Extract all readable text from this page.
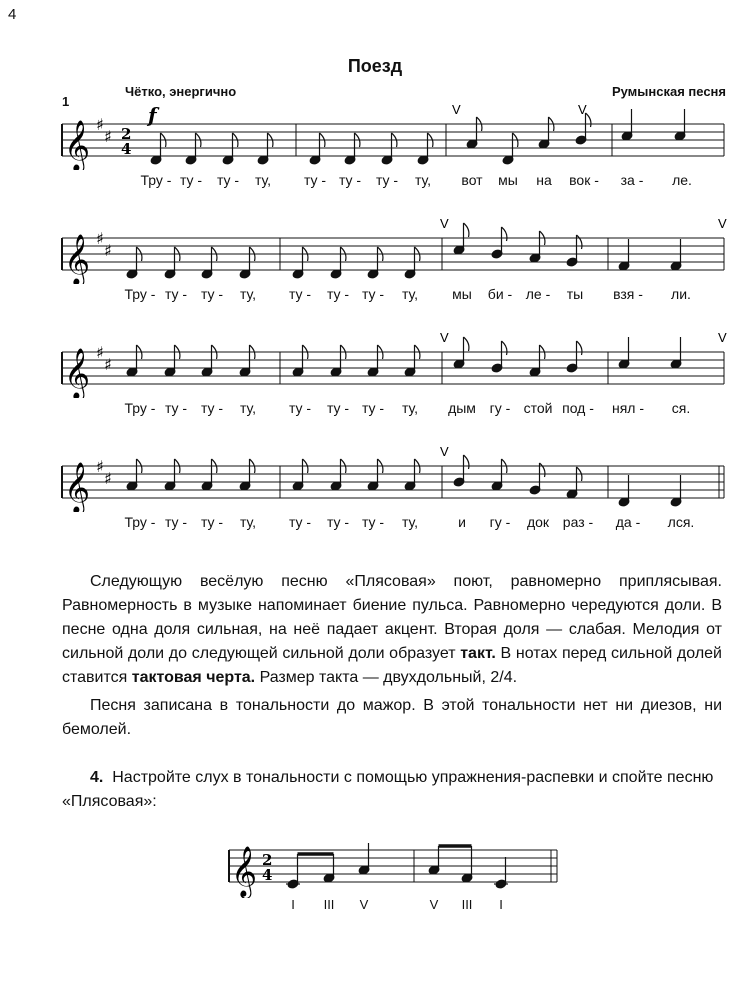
4
Поезд
Чётко, энергично	Румынская песня
1
f	V	V
𝄞 ♯
♯ 2
4
Тру - ту - ту - ту, ту - ту - ту - ту, вот мы на вок - за - ле.
V	V
𝄞 ♯
♯
Тру - ту - ту - ту, ту - ту - ту - ту, мы би - ле - ты взя - ли.
V	V
𝄞 ♯
♯
Тру - ту - ту - ту, ту - ту - ту - ту, дым гу - стой под - нял - ся.
V
𝄞 ♯
♯
Тру - ту - ту - ту, ту - ту - ту - ту,	и гу - док раз - да - лся.

Следующую весёлую песню «Плясовая» поют, равномерно приплясывая. Равномерность в музыке напоминает биение пульса. Равномерно чередуются доли. В песне одна доля сильная, на неё падает акцент. Вторая доля — слабая. Мелодия от сильной доли до следующей сильной доли образует такт. В нотах перед сильной долей ставится тактовая черта. Размер такта — двухдольный, 2/4.

Песня записана в тональности до мажор. В этой тональности нет ни диезов, ни бемолей.

4. Настройте слух в тональности с помощью упражнения-распевки и спойте песню «Плясовая»:
𝄞 2
4
I III V	V III I
